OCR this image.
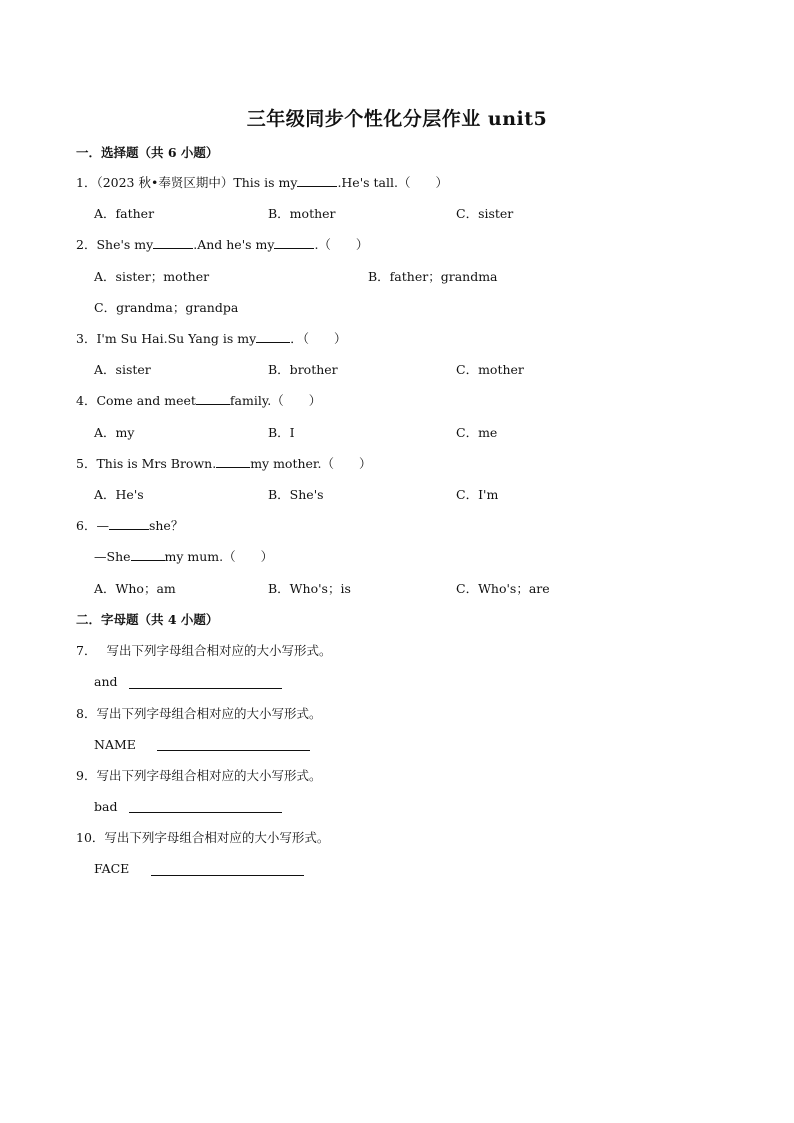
三年级同步个性化分层作业 unit5
一．选择题（共 6 小题）
1．（2023 秋•奉贤区期中）This is my	.He's tall.（　　）
A．father	B．mother	C．sister
2．She's my	.And he's my	.（　　）
A．sister；mother	B．father；grandma
C．grandma；grandpa
3．I'm Su Hai.Su Yang is my	．（　　）
A．sister	B．brother	C．mother
4．Come and meet	family.（　　）
A．my	B．I	C．me
5．This is Mrs Brown.	my mother.（　　）
A．He's	B．She's	C．I'm
6．—	she？
—She	my mum.（　　）
A．Who；am	B．Who's；is	C．Who's；are
二．字母题（共 4 小题）
7． 写出下列字母组合相对应的大小写形式。
and
8．写出下列字母组合相对应的大小写形式。
NAME
9．写出下列字母组合相对应的大小写形式。
bad
10．写出下列字母组合相对应的大小写形式。
FACE
